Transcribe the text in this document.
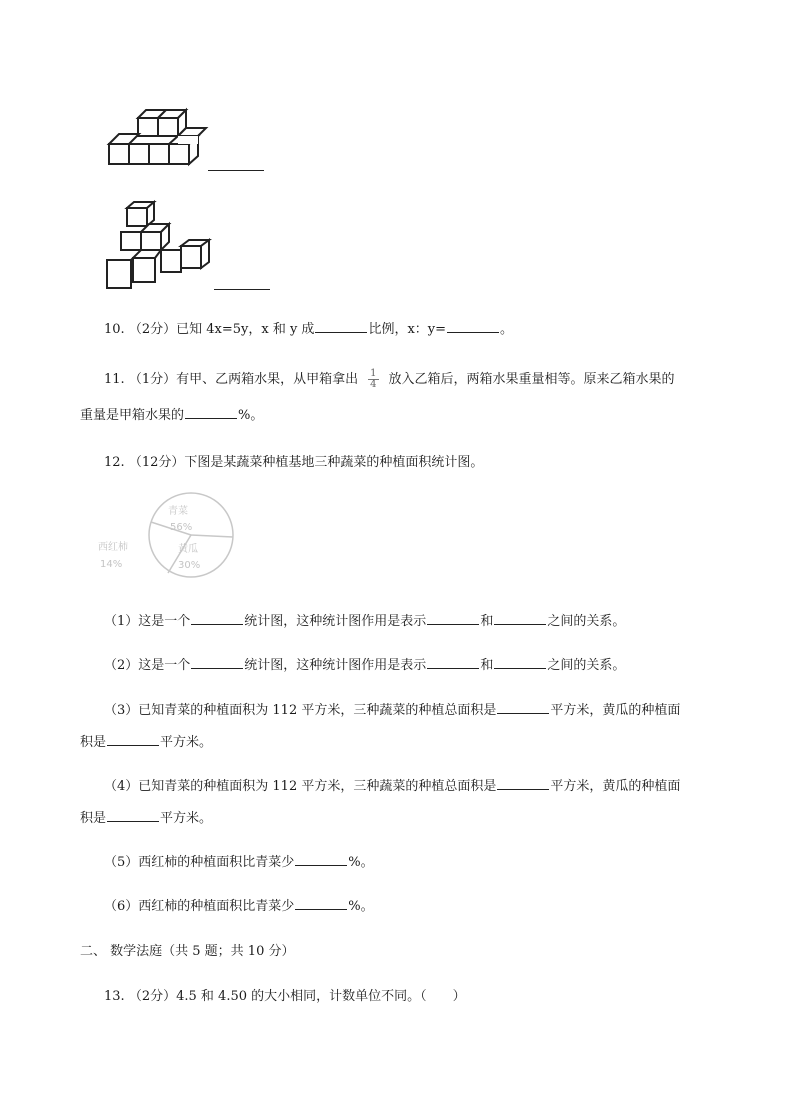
10. （2分）已知 4x=5y，x 和 y 成	比例，x：y=	。
11. （1分）有甲、乙两箱水果，从甲箱拿出 $\frac{1}{4}$ 放入乙箱后，两箱水果重量相等。原来乙箱水果的
重量是甲箱水果的	%。
12. （12分）下图是某蔬菜种植基地三种蔬菜的种植面积统计图。
青菜
56%
黄瓜
30%
西红柿
14%
（1）这是一个	统计图，这种统计图作用是表示	和	之间的关系。
（2）这是一个	统计图，这种统计图作用是表示	和	之间的关系。
（3）已知青菜的种植面积为 112 平方米，三种蔬菜的种植总面积是	平方米，黄瓜的种植面
积是	平方米。
（4）已知青菜的种植面积为 112 平方米，三种蔬菜的种植总面积是	平方米，黄瓜的种植面
积是	平方米。
（5）西红柿的种植面积比青菜少	%。
（6）西红柿的种植面积比青菜少	%。
二、 数学法庭（共 5 题；共 10 分）
13. （2分）4.5 和 4.50 的大小相同，计数单位不同。（　　）
